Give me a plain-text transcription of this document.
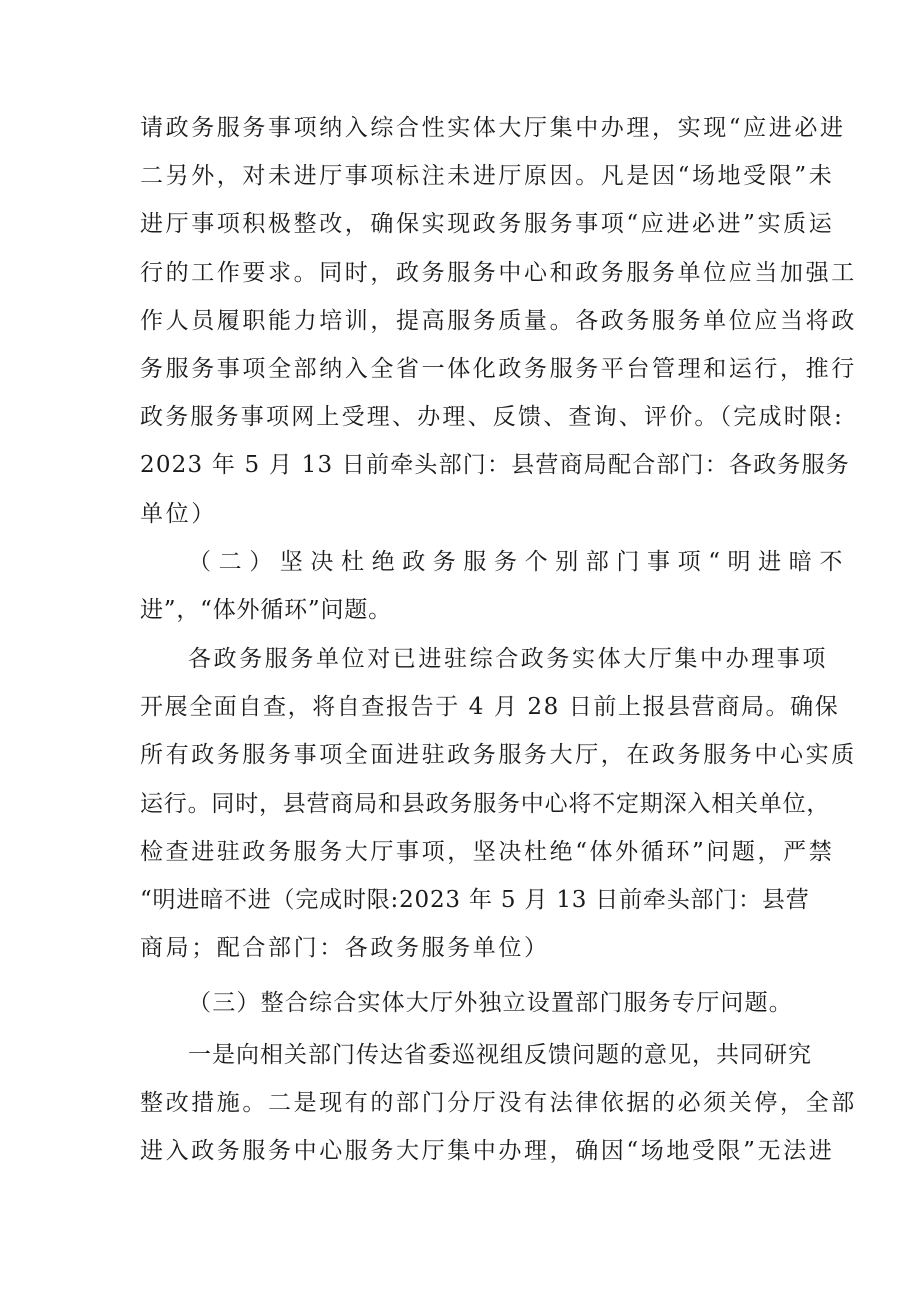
请政务服务事项纳入综合性实体大厅集中办理，实现“应进必进
二另外，对未进厅事项标注未进厅原因。凡是因“场地受限”未
进厅事项积极整改，确保实现政务服务事项“应进必进”实质运
行的工作要求。同时，政务服务中心和政务服务单位应当加强工
作人员履职能力培训，提高服务质量。各政务服务单位应当将政
务服务事项全部纳入全省一体化政务服务平台管理和运行，推行
政务服务事项网上受理、办理、反馈、查询、评价。（完成时限:
2023 年 5 月 13 日前牵头部门：县营商局配合部门：各政务服务
单位）
（二）坚决杜绝政务服务个别部门事项“明进暗不
进”，“体外循环”问题。
各政务服务单位对已进驻综合政务实体大厅集中办理事项
开展全面自查，将自查报告于 4 月 28 日前上报县营商局。确保
所有政务服务事项全面进驻政务服务大厅，在政务服务中心实质
运行。同时，县营商局和县政务服务中心将不定期深入相关单位，
检查进驻政务服务大厅事项，坚决杜绝“体外循环”问题，严禁
“明进暗不进（完成时限:2023 年 5 月 13 日前牵头部门：县营
商局；配合部门：各政务服务单位）
（三）整合综合实体大厅外独立设置部门服务专厅问题。
一是向相关部门传达省委巡视组反馈问题的意见，共同研究
整改措施。二是现有的部门分厅没有法律依据的必须关停，全部
进入政务服务中心服务大厅集中办理，确因“场地受限”无法进
